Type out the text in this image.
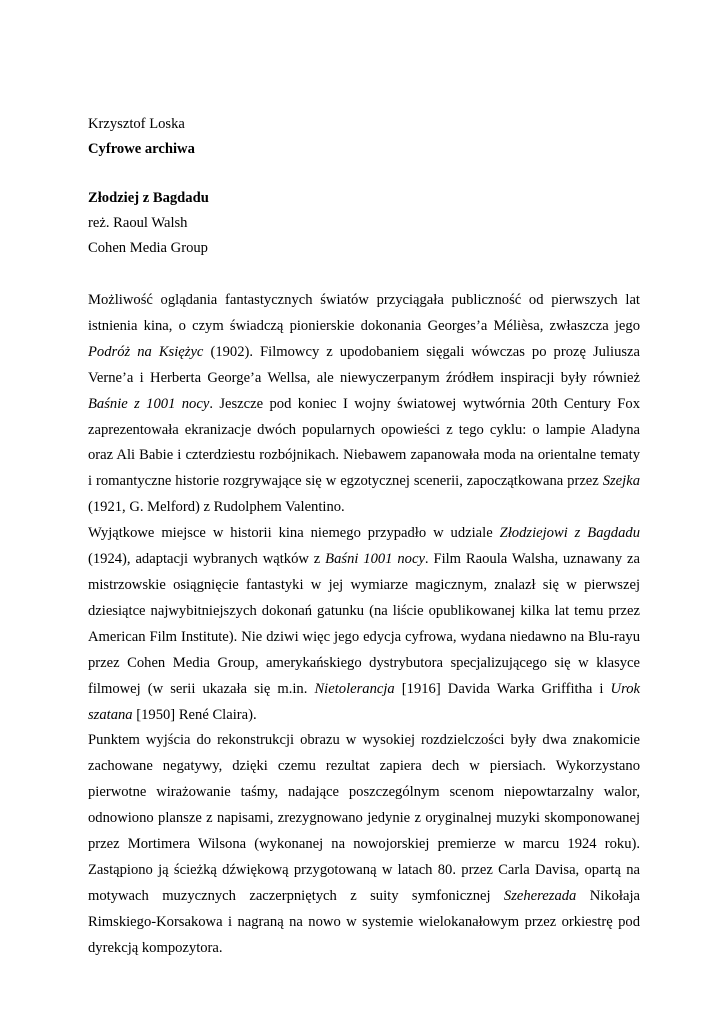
Krzysztof Loska
Cyfrowe archiwa
Złodziej z Bagdadu
reż. Raoul Walsh
Cohen Media Group

Możliwość oglądania fantastycznych światów przyciągała publiczność od pierwszych lat istnienia kina, o czym świadczą pionierskie dokonania Georges’a Méliѐsa, zwłaszcza jego Podróż na Księżyc (1902). Filmowcy z upodobaniem sięgali wówczas po prozę Juliusza Verne’a i Herberta George’a Wellsa, ale niewyczerpanym źródłem inspiracji były również Baśnie z 1001 nocy. Jeszcze pod koniec I wojny światowej wytwórnia 20th Century Fox zaprezentowała ekranizacje dwóch popularnych opowieści z tego cyklu: o lampie Aladyna oraz Ali Babie i czterdziestu rozbójnikach. Niebawem zapanowała moda na orientalne tematy i romantyczne historie rozgrywające się w egzotycznej scenerii, zapoczątkowana przez Szejka (1921, G. Melford) z Rudolphem Valentino.

Wyjątkowe miejsce w historii kina niemego przypadło w udziale Złodziejowi z Bagdadu (1924), adaptacji wybranych wątków z Baśni 1001 nocy. Film Raoula Walsha, uznawany za mistrzowskie osiągnięcie fantastyki w jej wymiarze magicznym, znalazł się w pierwszej dziesiątce najwybitniejszych dokonań gatunku (na liście opublikowanej kilka lat temu przez American Film Institute). Nie dziwi więc jego edycja cyfrowa, wydana niedawno na Blu-rayu przez Cohen Media Group, amerykańskiego dystrybutora specjalizującego się w klasyce filmowej (w serii ukazała się m.in. Nietolerancja [1916] Davida Warka Griffitha i Urok szatana [1950] René Claira).

Punktem wyjścia do rekonstrukcji obrazu w wysokiej rozdzielczości były dwa znakomicie zachowane negatywy, dzięki czemu rezultat zapiera dech w piersiach. Wykorzystano pierwotne wirażowanie taśmy, nadające poszczególnym scenom niepowtarzalny walor, odnowiono plansze z napisami, zrezygnowano jedynie z oryginalnej muzyki skomponowanej przez Mortimera Wilsona (wykonanej na nowojorskiej premierze w marcu 1924 roku). Zastąpiono ją ścieżką dźwiękową przygotowaną w latach 80. przez Carla Davisa, opartą na motywach muzycznych zaczerpniętych z suity symfonicznej Szeherezada Nikołaja Rimskiego-Korsakowa i nagraną na nowo w systemie wielokanałowym przez orkiestrę pod dyrekcją kompozytora.
